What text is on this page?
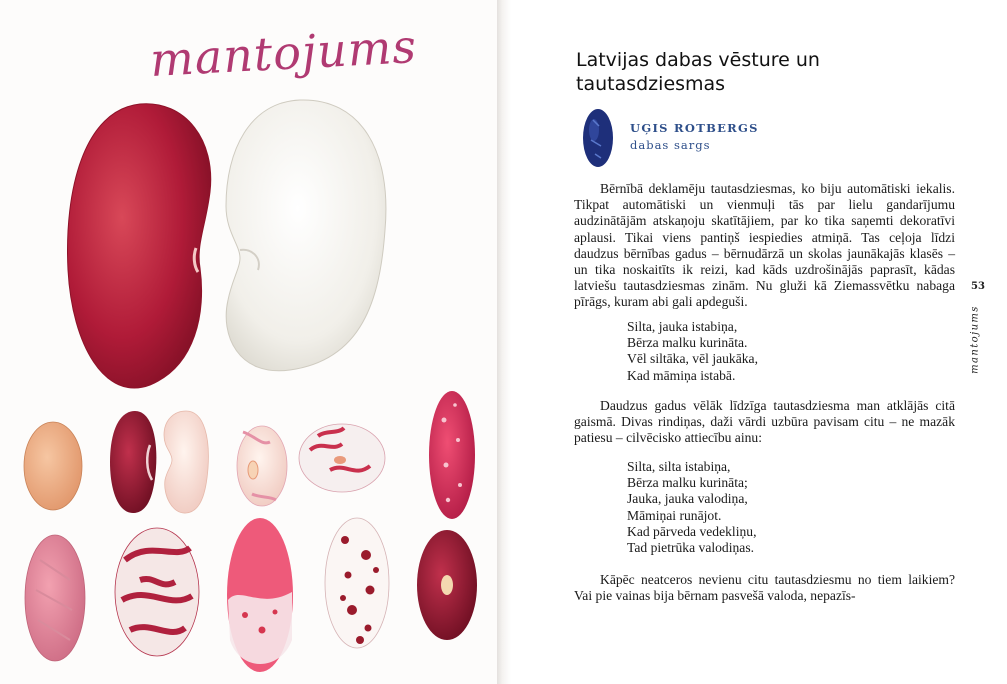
mantojums	Latvijas dabas vēsture un tautasdziesmas
UĢIS ROTBERGS
dabas sargs

Bērnībā deklamēju tautasdziesmas, ko biju automātiski iekalis. Tikpat automātiski un vienmuļi tās par lielu gandarījumu audzinātājām atskaņoju skatītājiem, par ko tika saņemti dekoratīvi aplausi. Tikai viens pantiņš iespiedies atmiņā. Tas ceļoja līdzi daudzus bērnības gadus – bērnudārzā un skolas jaunākajās klasēs – un tika noskaitīts ik reizi, kad kāds uzdrošinājās paprasīt, kādas latviešu tautasdziesmas zinām. Nu gluži kā Ziemassvētku nabaga pīrāgs, kuram abi gali apdeguši.

Silta, jauka istabiņa,
Bērza malku kurināta.
Vēl siltāka, vēl jaukāka,
Kad māmiņa istabā.

Daudzus gadus vēlāk līdzīga tautasdziesma man atklājās citā gaismā. Divas rindiņas, daži vārdi uzbūra pavisam citu – ne mazāk patiesu – cilvēcisko attiecību ainu:

Silta, silta istabiņa,
Bērza malku kurināta;
Jauka, jauka valodiņa,
Māmiņai runājot.
Kad pārveda vedekliņu,
Tad pietrūka valodiņas.

Kāpēc neatceros nevienu citu tautasdziesmu no tiem laikiem? Vai pie vainas bija bērnam pasvešā valoda, nepazīs-

53
mantojums
